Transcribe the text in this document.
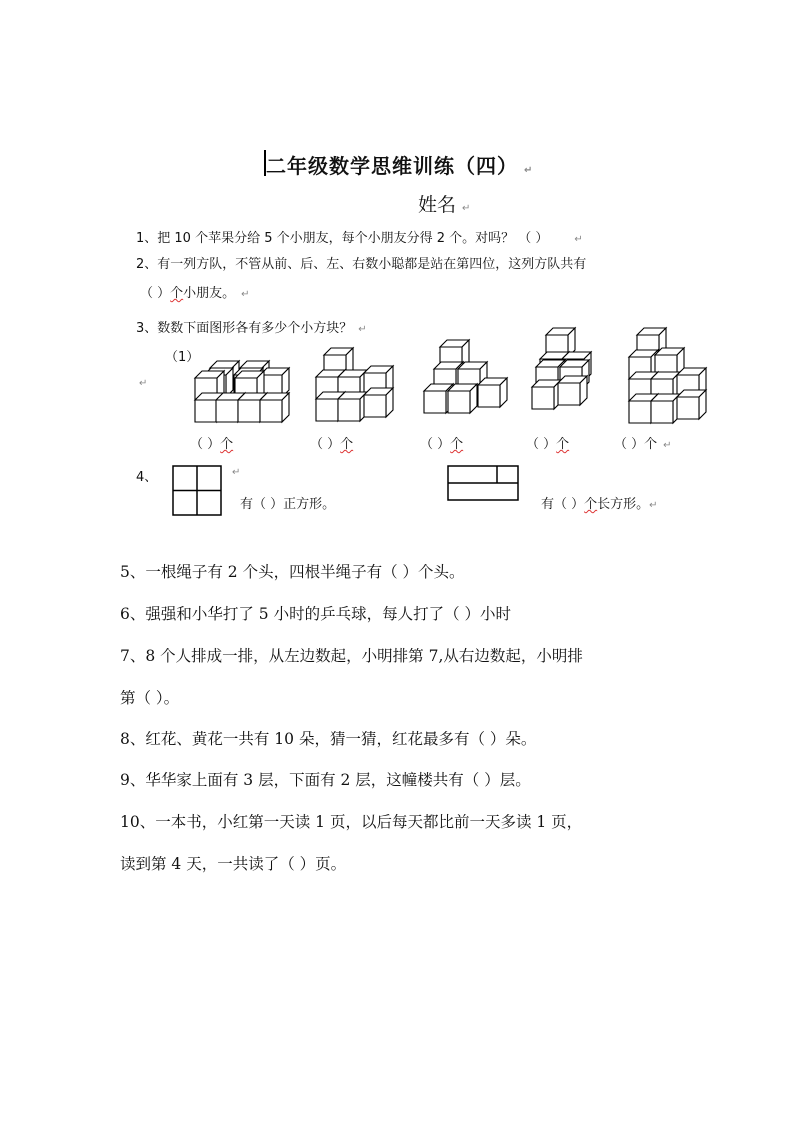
二年级数学思维训练（四） ↵
姓名 ↵
1、把 10 个苹果分给 5 个小朋友，每个小朋友分得 2 个。对吗？ （ ）	↵
2、有一列方队，不管从前、后、左、右数小聪都是站在第四位，这列方队共有
（ ）个小朋友。 ↵
3、数数下面图形各有多少个小方块？ ↵
（1）
↵
（ ）个	（ ）个	（ ）个	（ ）个	（ ）个 ↵
4、	↵
有（ ）正方形。	有（ ）个长方形。↵
5、一根绳子有 2 个头，四根半绳子有（ ）个头。
6、强强和小华打了 5 小时的乒乓球，每人打了（ ）小时
7、8 个人排成一排，从左边数起，小明排第 7,从右边数起，小明排
第（ ）。
8、红花、黄花一共有 10 朵，猜一猜，红花最多有（ ）朵。
9、华华家上面有 3 层，下面有 2 层，这幢楼共有（ ）层。
10、一本书，小红第一天读 1 页，以后每天都比前一天多读 1 页，
读到第 4 天，一共读了（ ）页。
